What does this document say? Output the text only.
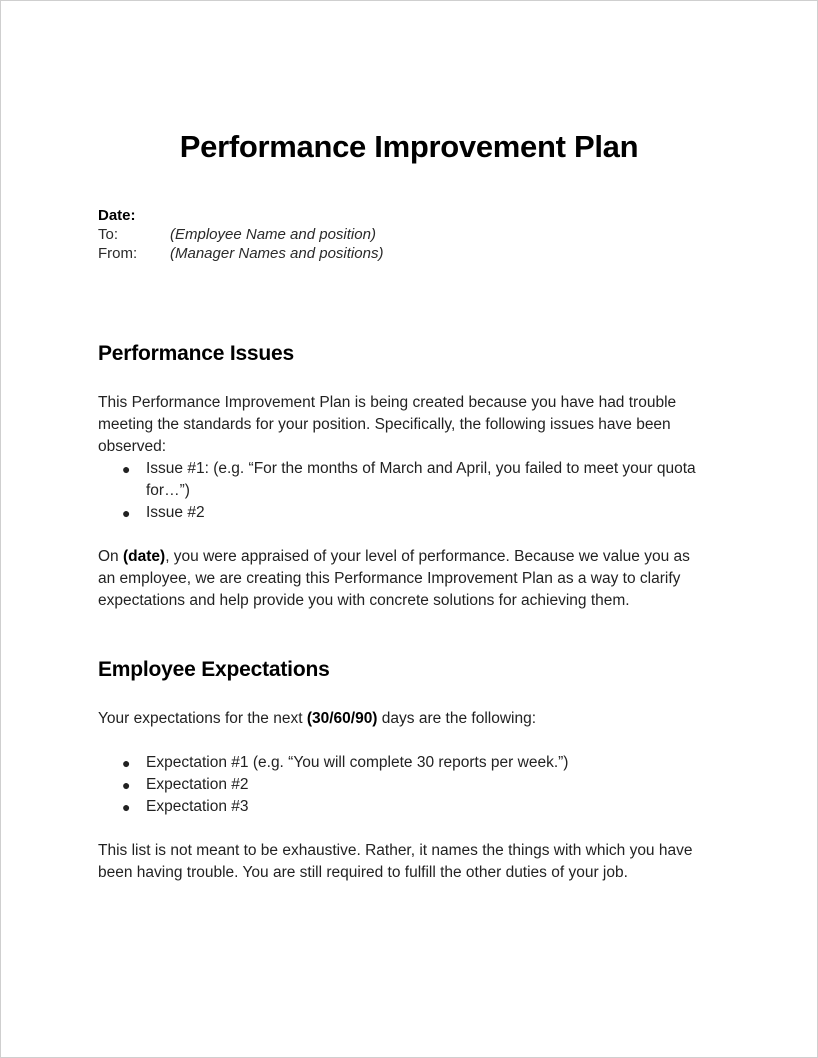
Performance Improvement Plan
Date:
To:	(Employee Name and position)
From:	(Manager Names and positions)
Performance Issues

This Performance Improvement Plan is being created because you have had trouble meeting the standards for your position. Specifically, the following issues have been observed:

● Issue #1: (e.g. “For the months of March and April, you failed to meet your quota for…”)
● Issue #2

On (date), you were appraised of your level of performance. Because we value you as an employee, we are creating this Performance Improvement Plan as a way to clarify expectations and help provide you with concrete solutions for achieving them.

Employee Expectations

Your expectations for the next (30/60/90) days are the following:

● Expectation #1 (e.g. “You will complete 30 reports per week.”)
● Expectation #2
● Expectation #3

This list is not meant to be exhaustive. Rather, it names the things with which you have been having trouble. You are still required to fulfill the other duties of your job.
